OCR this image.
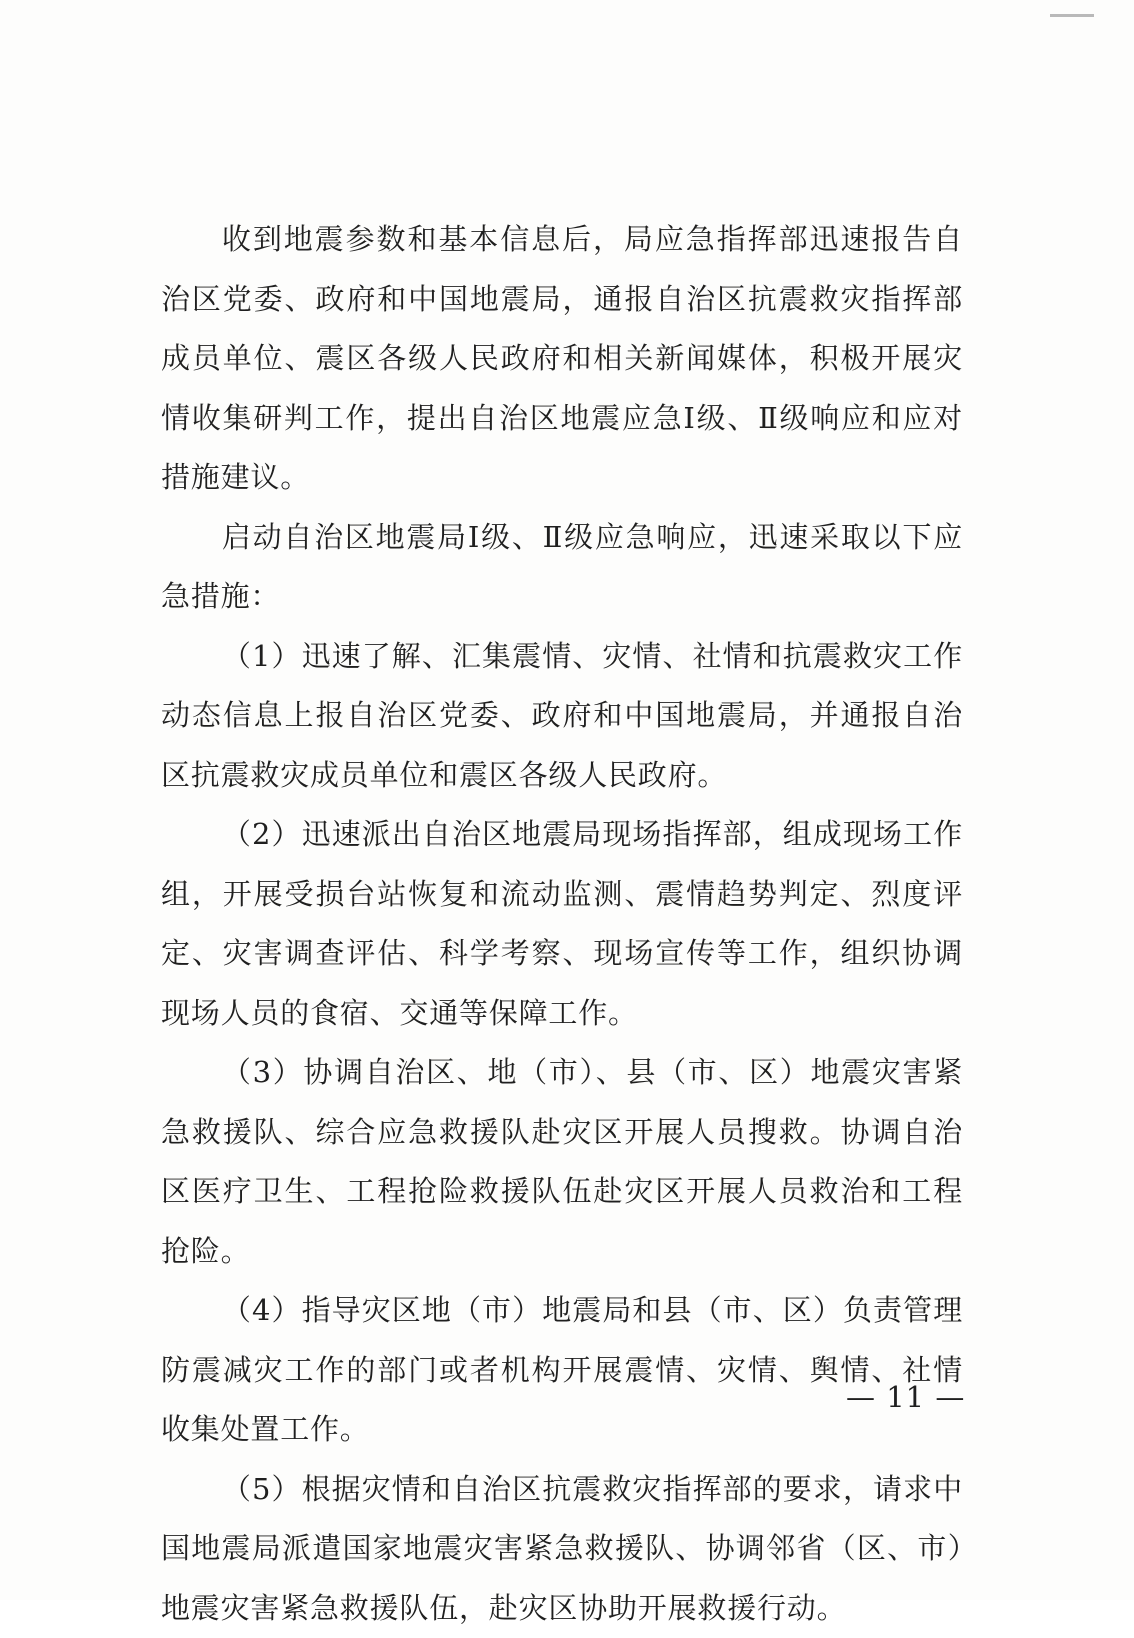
收到地震参数和基本信息后，局应急指挥部迅速报告自治区党委、政府和中国地震局，通报自治区抗震救灾指挥部成员单位、震区各级人民政府和相关新闻媒体，积极开展灾情收集研判工作，提出自治区地震应急Ⅰ级、Ⅱ级响应和应对措施建议。

启动自治区地震局Ⅰ级、Ⅱ级应急响应，迅速采取以下应急措施：

（1）迅速了解、汇集震情、灾情、社情和抗震救灾工作动态信息上报自治区党委、政府和中国地震局，并通报自治区抗震救灾成员单位和震区各级人民政府。

（2）迅速派出自治区地震局现场指挥部，组成现场工作组，开展受损台站恢复和流动监测、震情趋势判定、烈度评定、灾害调查评估、科学考察、现场宣传等工作，组织协调现场人员的食宿、交通等保障工作。

（3）协调自治区、地（市）、县（市、区）地震灾害紧急救援队、综合应急救援队赴灾区开展人员搜救。协调自治区医疗卫生、工程抢险救援队伍赴灾区开展人员救治和工程抢险。

（4）指导灾区地（市）地震局和县（市、区）负责管理防震减灾工作的部门或者机构开展震情、灾情、舆情、社情收集处置工作。

（5）根据灾情和自治区抗震救灾指挥部的要求，请求中国地震局派遣国家地震灾害紧急救援队、协调邻省（区、市）地震灾害紧急救援队伍，赴灾区协助开展救援行动。

— 11 —
